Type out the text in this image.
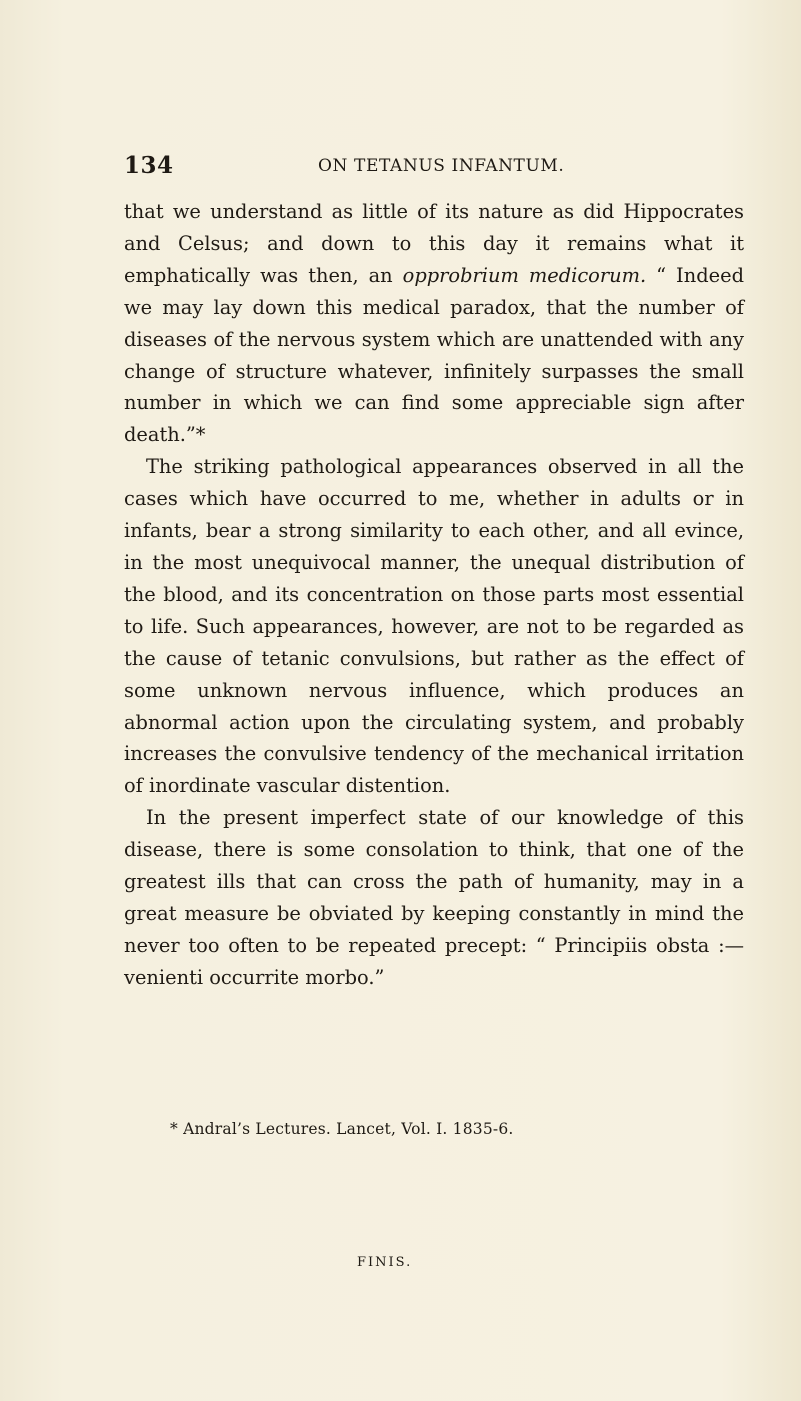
134	ON TETANUS INFANTUM.

that we understand as little of its nature as did Hippocrates and Celsus; and down to this day it remains what it emphatically was then, an opprobrium medicorum. “ Indeed we may lay down this medical paradox, that the number of diseases of the nervous system which are unattended with any change of structure whatever, infinitely surpasses the small number in which we can find some appreciable sign after death.”*

The striking pathological appearances observed in all the cases which have occurred to me, whether in adults or in infants, bear a strong similarity to each other, and all evince, in the most unequivocal manner, the unequal distribution of the blood, and its concentration on those parts most essential to life. Such appearances, however, are not to be regarded as the cause of tetanic convulsions, but rather as the effect of some unknown nervous influence, which produces an abnormal action upon the circulating system, and probably increases the convulsive tendency of the mechanical irritation of inordinate vascular distention.

In the present imperfect state of our knowledge of this disease, there is some consolation to think, that one of the greatest ills that can cross the path of humanity, may in a great measure be obviated by keeping constantly in mind the never too often to be repeated precept: “ Principiis obsta :—venienti occurrite morbo.”

* Andral’s Lectures. Lancet, Vol. I. 1835-6.
FINIS.
